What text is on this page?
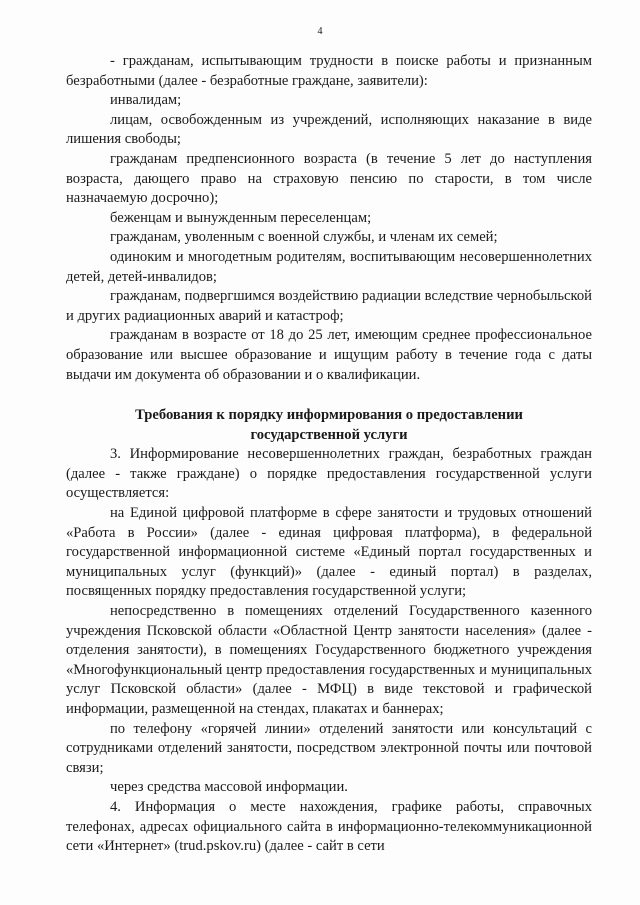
4

- гражданам, испытывающим трудности в поиске работы и признанным безработными (далее - безработные граждане, заявители):

инвалидам;

лицам, освобожденным из учреждений, исполняющих наказание в виде лишения свободы;

гражданам предпенсионного возраста (в течение 5 лет до наступления возраста, дающего право на страховую пенсию по старости, в том числе назначаемую досрочно);

беженцам и вынужденным переселенцам;

гражданам, уволенным с военной службы, и членам их семей;

одиноким и многодетным родителям, воспитывающим несовершеннолетних детей, детей-инвалидов;

гражданам, подвергшимся воздействию радиации вследствие чернобыльской и других радиационных аварий и катастроф;

гражданам в возрасте от 18 до 25 лет, имеющим среднее профессиональное образование или высшее образование и ищущим работу в течение года с даты выдачи им документа об образовании и о квалификации.

Требования к порядку информирования о предоставлении
государственной услуги

3. Информирование несовершеннолетних граждан, безработных граждан (далее - также граждане) о порядке предоставления государственной услуги осуществляется:

на Единой цифровой платформе в сфере занятости и трудовых отношений «Работа в России» (далее - единая цифровая платформа), в федеральной государственной информационной системе «Единый портал государственных и муниципальных услуг (функций)» (далее - единый портал) в разделах, посвященных порядку предоставления государственной услуги;

непосредственно в помещениях отделений Государственного казенного учреждения Псковской области «Областной Центр занятости населения» (далее - отделения занятости), в помещениях Государственного бюджетного учреждения «Многофункциональный центр предоставления государственных и муниципальных услуг Псковской области» (далее - МФЦ) в виде текстовой и графической информации, размещенной на стендах, плакатах и баннерах;

по телефону «горячей линии» отделений занятости или консультаций с сотрудниками отделений занятости, посредством электронной почты или почтовой связи;

через средства массовой информации.

4. Информация о месте нахождения, графике работы, справочных телефонах, адресах официального сайта в информационно-телекоммуникационной сети «Интернет» (trud.pskov.ru) (далее - сайт в сети
